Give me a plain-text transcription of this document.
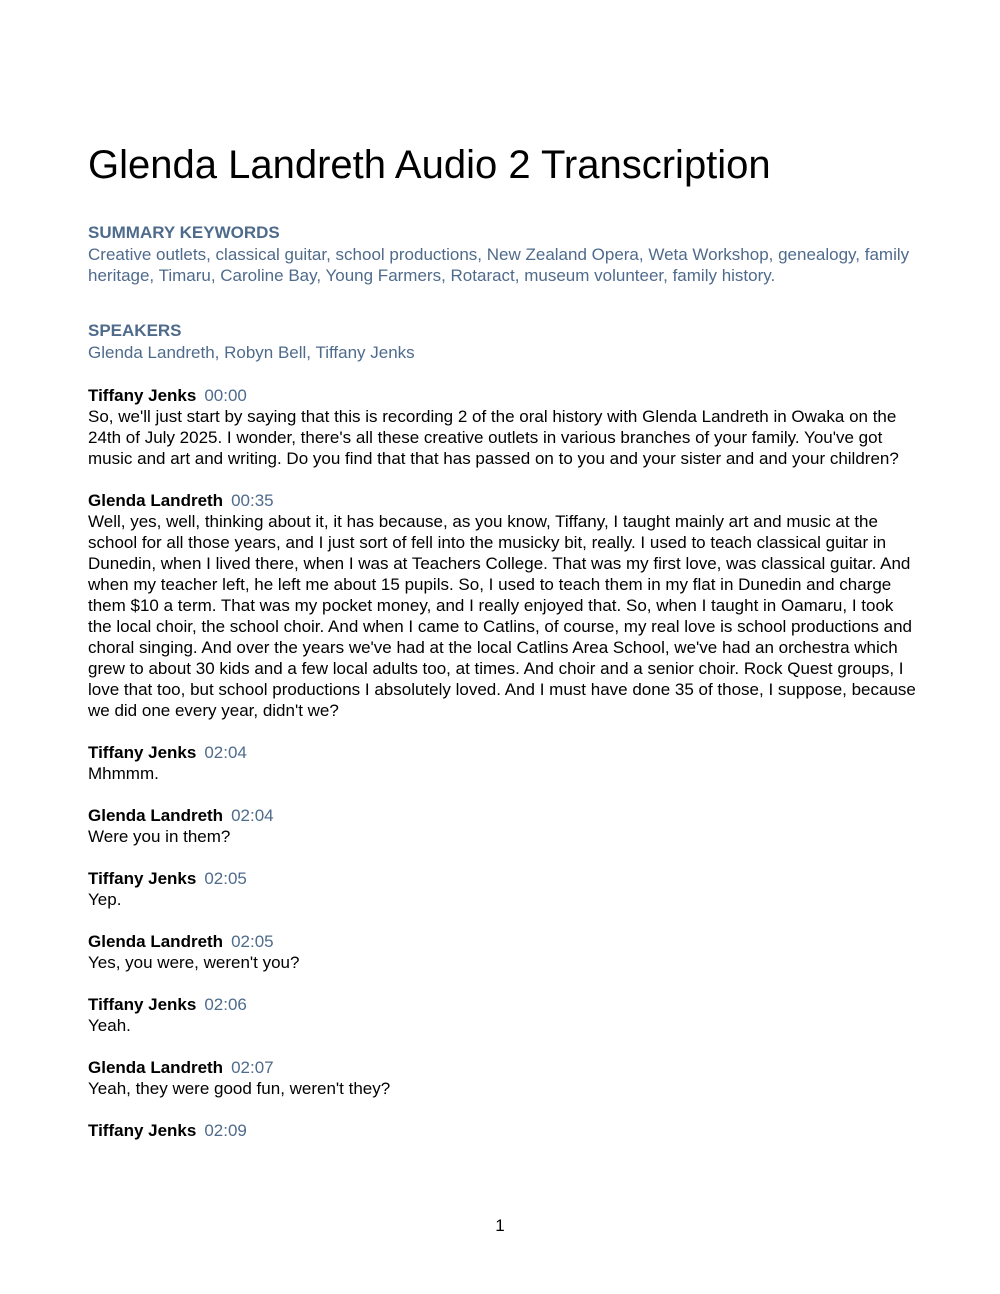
Glenda Landreth Audio 2 Transcription

SUMMARY KEYWORDS

Creative outlets, classical guitar, school productions, New Zealand Opera, Weta Workshop, genealogy, family heritage, Timaru, Caroline Bay, Young Farmers, Rotaract, museum volunteer, family history.

SPEAKERS

Glenda Landreth, Robyn Bell, Tiffany Jenks

Tiffany Jenks 00:00

So, we'll just start by saying that this is recording 2 of the oral history with Glenda Landreth in Owaka on the 24th of July 2025. I wonder, there's all these creative outlets in various branches of your family. You've got music and art and writing. Do you find that that has passed on to you and your sister and and your children?

Glenda Landreth 00:35

Well, yes, well, thinking about it, it has because, as you know, Tiffany, I taught mainly art and music at the school for all those years, and I just sort of fell into the musicky bit, really. I used to teach classical guitar in Dunedin, when I lived there, when I was at Teachers College. That was my first love, was classical guitar. And when my teacher left, he left me about 15 pupils. So, I used to teach them in my flat in Dunedin and charge them $10 a term. That was my pocket money, and I really enjoyed that. So, when I taught in Oamaru, I took the local choir, the school choir. And when I came to Catlins, of course, my real love is school productions and choral singing. And over the years we've had at the local Catlins Area School, we've had an orchestra which grew to about 30 kids and a few local adults too, at times. And choir and a senior choir. Rock Quest groups, I love that too, but school productions I absolutely loved. And I must have done 35 of those, I suppose, because we did one every year, didn't we?

Tiffany Jenks 02:04

Mhmmm.

Glenda Landreth 02:04

Were you in them?

Tiffany Jenks 02:05

Yep.

Glenda Landreth 02:05

Yes, you were, weren't you?

Tiffany Jenks 02:06

Yeah.

Glenda Landreth 02:07

Yeah, they were good fun, weren't they?

Tiffany Jenks 02:09

1
